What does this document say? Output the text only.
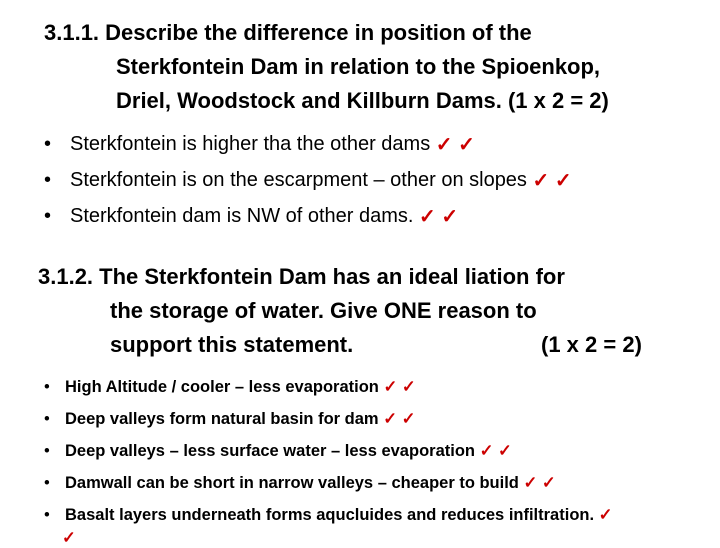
3.1.1. Describe the difference in position of the
Sterkfontein Dam in relation to the Spioenkop,
Driel, Woodstock and Killburn Dams. (1 x 2 = 2)
• Sterkfontein is higher tha the other dams
✓ ✓
• Sterkfontein is on the escarpment – other on slopes
✓ ✓
• Sterkfontein dam is NW of other dams.
✓ ✓
3.1.2. The Sterkfontein Dam has an ideal liation for
the storage of water. Give ONE reason to
support this statement.	(1 x 2 = 2)
• High Altitude / cooler – less evaporation
✓ ✓
• Deep valleys form natural basin for dam
✓ ✓
• Deep valleys – less surface water – less evaporation
✓ ✓
• Damwall can be short in narrow valleys – cheaper to build
✓ ✓
• Basalt layers underneath forms aqucluides and reduces infiltration.
✓
✓
